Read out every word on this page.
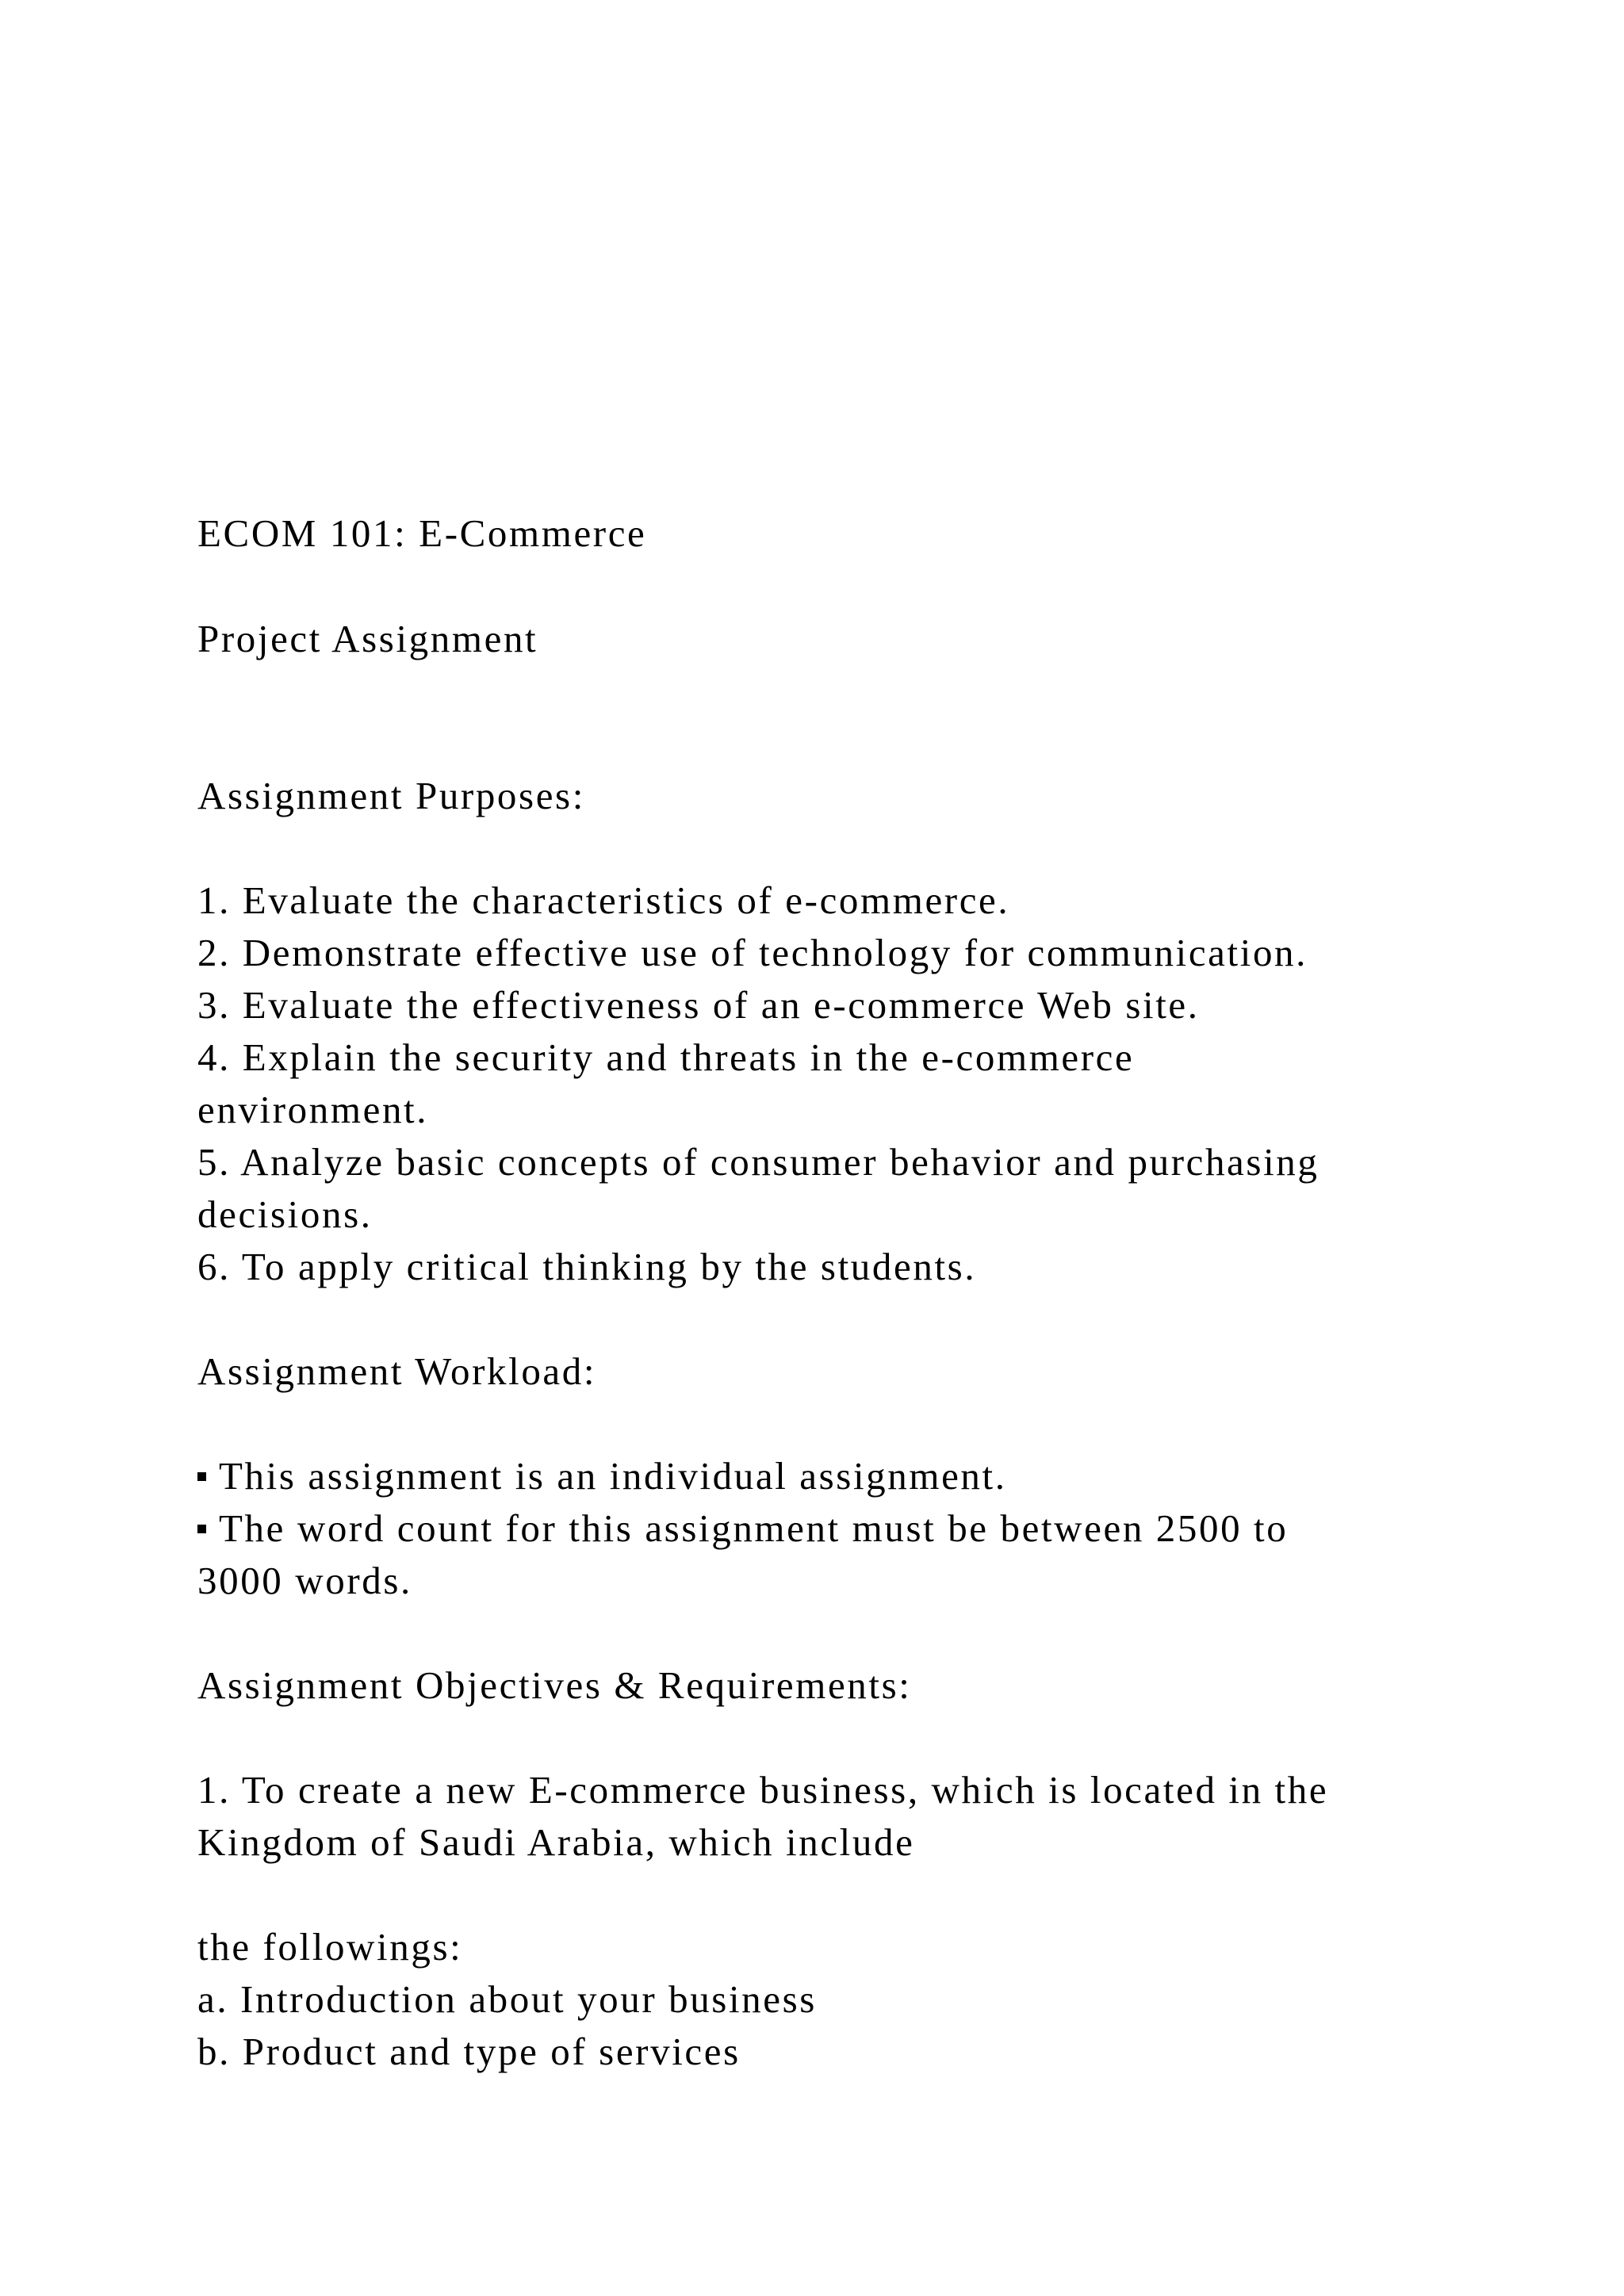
ECOM 101: E-Commerce

Project Assignment

Assignment Purposes:

1. Evaluate the characteristics of e-commerce.

2. Demonstrate effective use of technology for communication.

3. Evaluate the effectiveness of an e-commerce Web site.

4. Explain the security and threats in the e-commerce

environment.

5. Analyze basic concepts of consumer behavior and purchasing

decisions.

6. To apply critical thinking by the students.

Assignment Workload:

This assignment is an individual assignment.

The word count for this assignment must be between 2500 to

3000 words.

Assignment Objectives & Requirements:

1. To create a new E-commerce business, which is located in the

Kingdom of Saudi Arabia, which include

the followings:

a. Introduction about your business

b. Product and type of services
